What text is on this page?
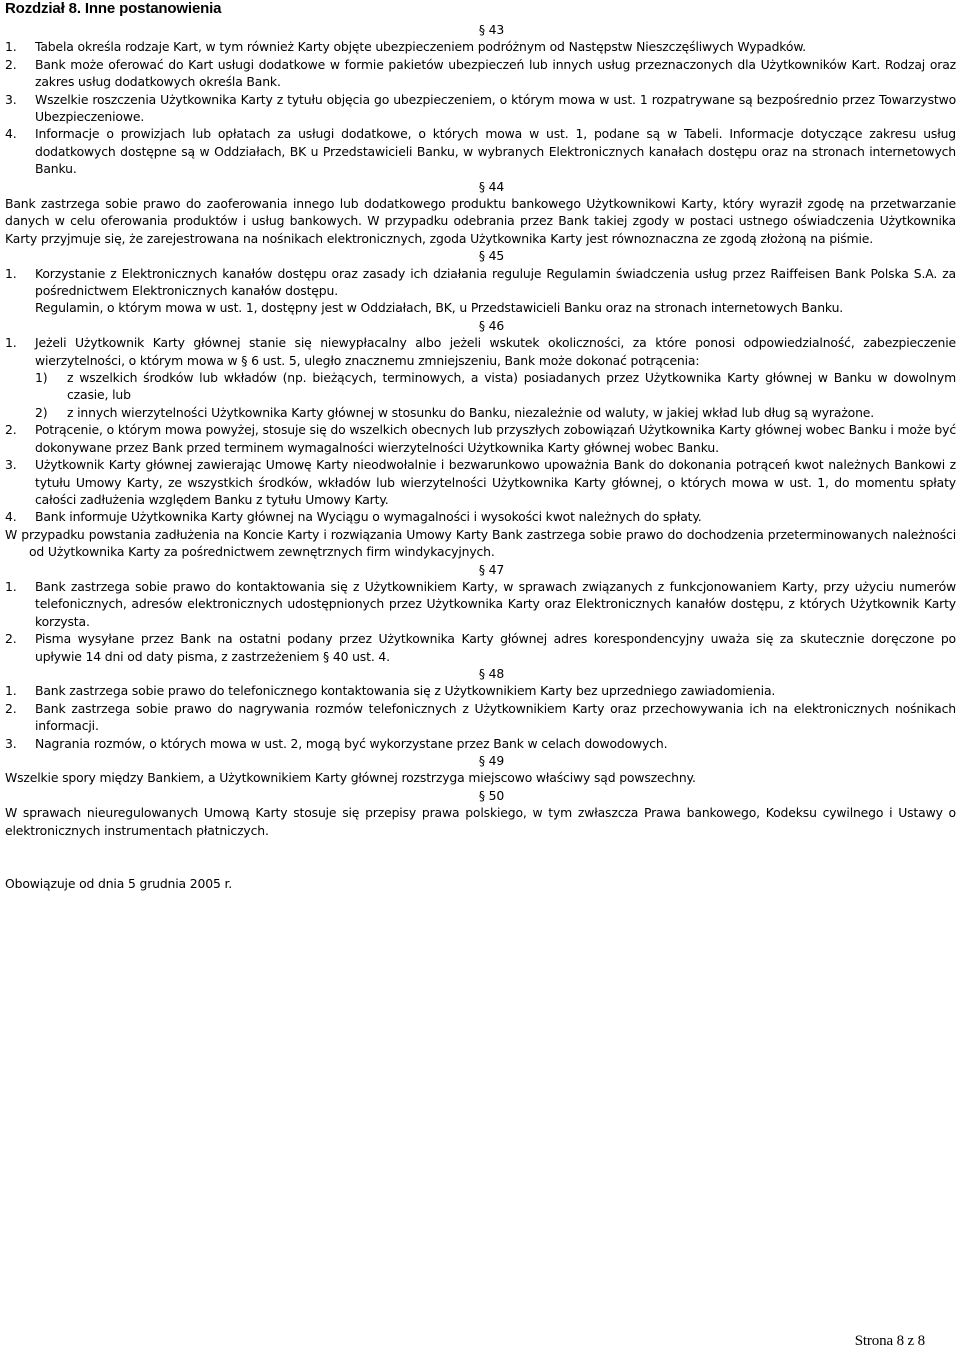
Rozdział 8. Inne postanowienia
§ 43
1. Tabela określa rodzaje Kart, w tym również Karty objęte ubezpieczeniem podróżnym od Następstw Nieszczęśliwych Wypadków.
2. Bank może oferować do Kart usługi dodatkowe w formie pakietów ubezpieczeń lub innych usług przeznaczonych dla Użytkowników Kart. Rodzaj oraz zakres usług dodatkowych określa Bank.
3. Wszelkie roszczenia Użytkownika Karty z tytułu objęcia go ubezpieczeniem, o którym mowa w ust. 1 rozpatrywane są bezpośrednio przez Towarzystwo Ubezpieczeniowe.
4. Informacje o prowizjach lub opłatach za usługi dodatkowe, o których mowa w ust. 1, podane są w Tabeli. Informacje dotyczące zakresu usług dodatkowych dostępne są w Oddziałach, BK u Przedstawicieli Banku, w wybranych Elektronicznych kanałach dostępu oraz na stronach internetowych Banku.
§ 44

Bank zastrzega sobie prawo do zaoferowania innego lub dodatkowego produktu bankowego Użytkownikowi Karty, który wyraził zgodę na przetwarzanie danych w celu oferowania produktów i usług bankowych. W przypadku odebrania przez Bank takiej zgody w postaci ustnego oświadczenia Użytkownika Karty przyjmuje się, że zarejestrowana na nośnikach elektronicznych, zgoda Użytkownika Karty jest równoznaczna ze zgodą złożoną na piśmie.

§ 45
1. Korzystanie z Elektronicznych kanałów dostępu oraz zasady ich działania reguluje Regulamin świadczenia usług przez Raiffeisen Bank Polska S.A. za pośrednictwem Elektronicznych kanałów dostępu.
Regulamin, o którym mowa w ust. 1, dostępny jest w Oddziałach, BK, u Przedstawicieli Banku oraz na stronach internetowych Banku.
§ 46
1. Jeżeli Użytkownik Karty głównej stanie się niewypłacalny albo jeżeli wskutek okoliczności, za które ponosi odpowiedzialność, zabezpieczenie wierzytelności, o którym mowa w § 6 ust. 5, uległo znacznemu zmniejszeniu, Bank może dokonać potrącenia:
1) z wszelkich środków lub wkładów (np. bieżących, terminowych, a vista) posiadanych przez Użytkownika Karty głównej w Banku w dowolnym czasie, lub
2) z innych wierzytelności Użytkownika Karty głównej w stosunku do Banku, niezależnie od waluty, w jakiej wkład lub dług są wyrażone.
2. Potrącenie, o którym mowa powyżej, stosuje się do wszelkich obecnych lub przyszłych zobowiązań Użytkownika Karty głównej wobec Banku i może być dokonywane przez Bank przed terminem wymagalności wierzytelności Użytkownika Karty głównej wobec Banku.
3. Użytkownik Karty głównej zawierając Umowę Karty nieodwołalnie i bezwarunkowo upoważnia Bank do dokonania potrąceń kwot należnych Bankowi z tytułu Umowy Karty, ze wszystkich środków, wkładów lub wierzytelności Użytkownika Karty głównej, o których mowa w ust. 1, do momentu spłaty całości zadłużenia względem Banku z tytułu Umowy Karty.
4. Bank informuje Użytkownika Karty głównej na Wyciągu o wymagalności i wysokości kwot należnych do spłaty.

W przypadku powstania zadłużenia na Koncie Karty i rozwiązania Umowy Karty Bank zastrzega sobie prawo do dochodzenia przeterminowanych należności od Użytkownika Karty za pośrednictwem zewnętrznych firm windykacyjnych.

§ 47
1. Bank zastrzega sobie prawo do kontaktowania się z Użytkownikiem Karty, w sprawach związanych z funkcjonowaniem Karty, przy użyciu numerów telefonicznych, adresów elektronicznych udostępnionych przez Użytkownika Karty oraz Elektronicznych kanałów dostępu, z których Użytkownik Karty korzysta.
2. Pisma wysyłane przez Bank na ostatni podany przez Użytkownika Karty głównej adres korespondencyjny uważa się za skutecznie doręczone po upływie 14 dni od daty pisma, z zastrzeżeniem § 40 ust. 4.
§ 48
1. Bank zastrzega sobie prawo do telefonicznego kontaktowania się z Użytkownikiem Karty bez uprzedniego zawiadomienia.
2. Bank zastrzega sobie prawo do nagrywania rozmów telefonicznych z Użytkownikiem Karty oraz przechowywania ich na elektronicznych nośnikach informacji.
3. Nagrania rozmów, o których mowa w ust. 2, mogą być wykorzystane przez Bank w celach dowodowych.
§ 49

Wszelkie spory między Bankiem, a Użytkownikiem Karty głównej rozstrzyga miejscowo właściwy sąd powszechny.

§ 50

W sprawach nieuregulowanych Umową Karty stosuje się przepisy prawa polskiego, w tym zwłaszcza Prawa bankowego, Kodeksu cywilnego i Ustawy o elektronicznych instrumentach płatniczych.

Obowiązuje od dnia 5 grudnia 2005 r.
Strona 8 z 8
